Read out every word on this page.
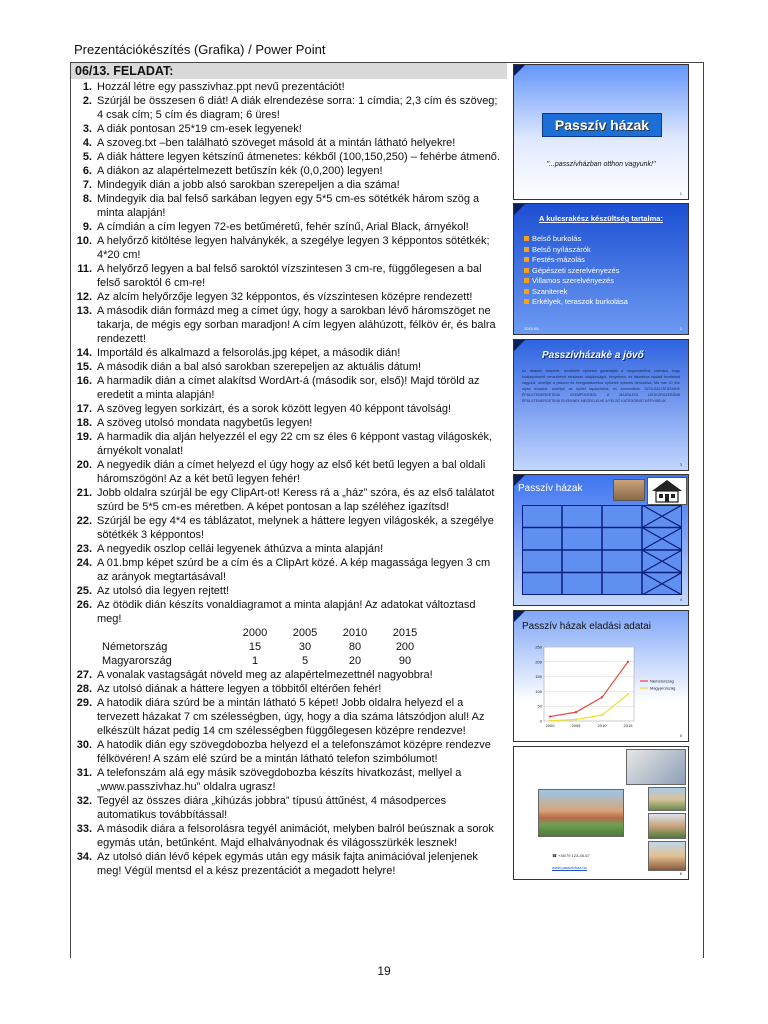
Prezentációkészítés (Grafika) / Power Point
06/13. FELADAT:
1. Hozzál létre egy passzivhaz.ppt nevű prezentációt!
2. Szúrjál be összesen 6 diát! A diák elrendezése sorra: 1 címdia; 2,3 cím és szöveg; 4 csak cím; 5 cím és diagram; 6 üres!
3. A diák pontosan 25*19 cm-esek legyenek!
4. A szoveg.txt –ben található szöveget másold át a mintán látható helyekre!
5. A diák háttere legyen kétszínű átmenetes: kékből (100,150,250) – fehérbe átmenő.
6. A diákon az alapértelmezett betűszín kék (0,0,200) legyen!
7. Mindegyik dián a jobb alsó sarokban szerepeljen a dia száma!
8. Mindegyik dia bal felső sarkában legyen egy 5*5 cm-es sötétkék három szög a minta alapján!
9. A címdián a cím legyen 72-es betűméretű, fehér színű, Arial Black, árnyékol!
10. A helyőrző kitöltése legyen halványkék, a szegélye legyen 3 képpontos sötétkék; 4*20 cm!
11. A helyőrző legyen a bal felső saroktól vízszintesen 3 cm-re, függőlegesen a bal felső saroktól 6 cm-re!
12. Az alcím helyőrzője legyen 32 képpontos, és vízszintesen középre rendezett!
13. A második dián formázd meg a címet úgy, hogy a sarokban lévő háromszöget ne takarja, de mégis egy sorban maradjon! A cím legyen aláhúzott, félköv ér, és balra rendezett!
14. Importáld és alkalmazd a felsorolás.jpg képet, a második dián!
15. A második dián a bal alsó sarokban szerepeljen az aktuális dátum!
16. A harmadik dián a címet alakítsd WordArt-á (második sor, első)! Majd töröld az eredetit a minta alapján!
17. A szöveg legyen sorkizárt, és a sorok között legyen 40 képpont távolság!
18. A szöveg utolsó mondata nagybetűs legyen!
19. A harmadik dia alján helyezzél el egy 22 cm sz éles 6 képpont vastag világoskék, árnyékolt vonalat!
20. A negyedik dián a címet helyezd el úgy hogy az első két betű legyen a bal oldali háromszögön! Az a két betű legyen fehér!
21. Jobb oldalra szúrjál be egy ClipArt-ot! Keress rá a „ház” szóra, és az első találatot szúrd be 5*5 cm-es méretben. A képet pontosan a lap széléhez igazítsd!
22. Szúrjál be egy 4*4 es táblázatot, melynek a háttere legyen világoskék, a szegélye sötétkék 3 képpontos!
23. A negyedik oszlop cellái legyenek áthúzva a minta alapján!
24. A 01.bmp képet szúrd be a cím és a ClipArt közé. A kép magassága legyen 3 cm az arányok megtartásával!
25. Az utolsó dia legyen rejtett!
26. Az ötödik dián készíts vonaldiagramot a minta alapján! Az adatokat változtasd meg!
2000	2005	2010	2015
Németország	15	30	80	200
Magyarország	1	5	20	90
27. A vonalak vastagságát növeld meg az alapértelmezettnél nagyobbra!
28. Az utolsó diának a háttere legyen a többitől eltérően fehér!
29. A hatodik diára szúrd be a mintán látható 5 képet! Jobb oldalra helyezd el a tervezett házakat 7 cm szélességben, úgy, hogy a dia száma látszódjon alul! Az elkészült házat pedig 14 cm szélességben függőlegesen középre rendezve!
30. A hatodik dián egy szövegdobozba helyezd el a telefonszámot középre rendezve félkövéren! A szám elé szúrd be a mintán látható telefon szimbólumot!
31. A telefonszám alá egy másik szövegdobozba készíts hivatkozást, mellyel a „www.passzivhaz.hu” oldalra ugrasz!
32. Tegyél az összes diára „kihúzás jobbra” típusú áttűnést, 4 másodperces automatikus továbbítással!
33. A második diára a felsorolásra tegyél animációt, melyben balról beúsznak a sorok egymás után, betűnként. Majd elhalványodnak és világosszürkék lesznek!
34. Az utolsó dián lévő képek egymás után egy másik fajta animációval jelenjenek meg! Végül mentsd el a kész prezentációt a megadott helyre!
Passzív házak
"...passzívházban otthon vagyunk!"
1
A kulcsrakész készültség tartalma:
Belső burkolás
Belső nyílászárók
Festés-mázolás
Gépészeti szerelvényezés
Villamos szerelvényezés
Szaniterek
Erkélyek, teraszok burkolása
2010.05.	2
Passzívházakè a jövő
Az általunk felépített, minősített épületek garantálják a megrendelőink számára, hogy kiválaszthatott, tervezhetett mindazon tulajdonságot, kényelmes, és takarékos családi fenntartott vagyunk, amellyel a passzív és energiatakarékos épületek épülnek bemutatva. Ma már 20 éve olyan lecsatolt, amellyel az épület tapasztaltuk, és szenvedünk. SZOLGÁLTATÁSAINK ÉPÜLETENERGETIKAI SZEMPONTBÓL A JELENLEGI LEGKORSZERŰBB ÉPÜLETENERGETIKAI ELVEKNEK MEGFELELVE A FELSŐ KATEGÓRIÁT KÉPVISELIK.
3
Passzív házak
4
Passzív házak eladási adatai
0
50
100
150
200
250
2000	2005	2010	2015
Németország
Magyarország
5
☎ +36/79 123-45-67
www.passzivhaz.hu
6
19
